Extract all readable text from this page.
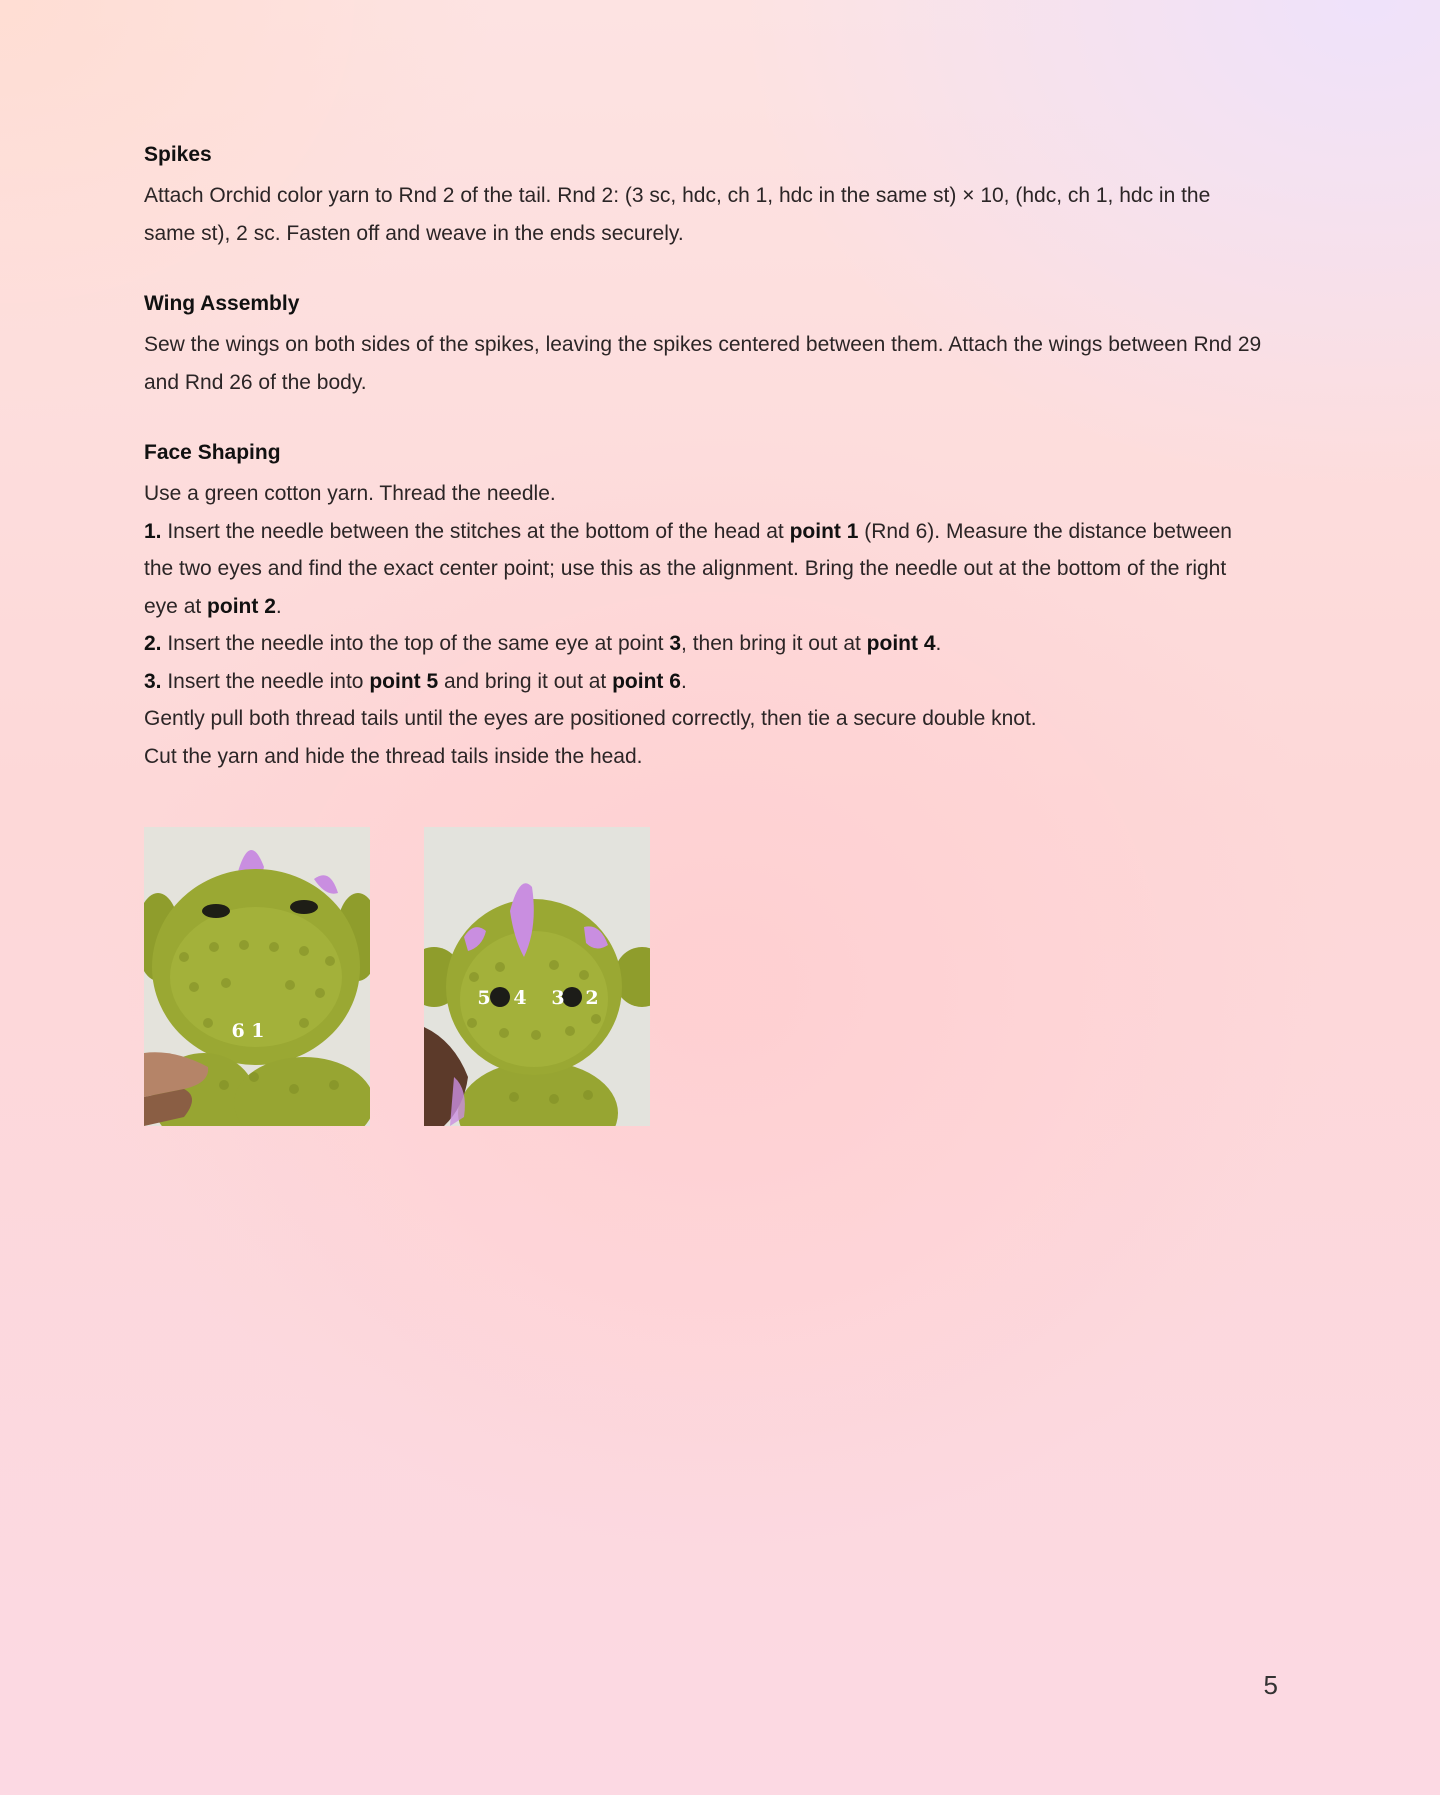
Spikes

Attach Orchid color yarn to Rnd 2 of the tail. Rnd 2: (3 sc, hdc, ch 1, hdc in the same st) × 10, (hdc, ch 1, hdc in the same st), 2 sc. Fasten off and weave in the ends securely.

Wing Assembly

Sew the wings on both sides of the spikes, leaving the spikes centered between them. Attach the wings between Rnd 29 and Rnd 26 of the body.

Face Shaping

Use a green cotton yarn. Thread the needle.

1. Insert the needle between the stitches at the bottom of the head at point 1 (Rnd 6). Measure the distance between the two eyes and find the exact center point; use this as the alignment. Bring the needle out at the bottom of the right eye at point 2.

2. Insert the needle into the top of the same eye at point 3, then bring it out at point 4.

3. Insert the needle into point 5 and bring it out at point 6.

Gently pull both thread tails until the eyes are positioned correctly, then tie a secure double knot.

Cut the yarn and hide the thread tails inside the head.

6 1
5 4 3 2
5
